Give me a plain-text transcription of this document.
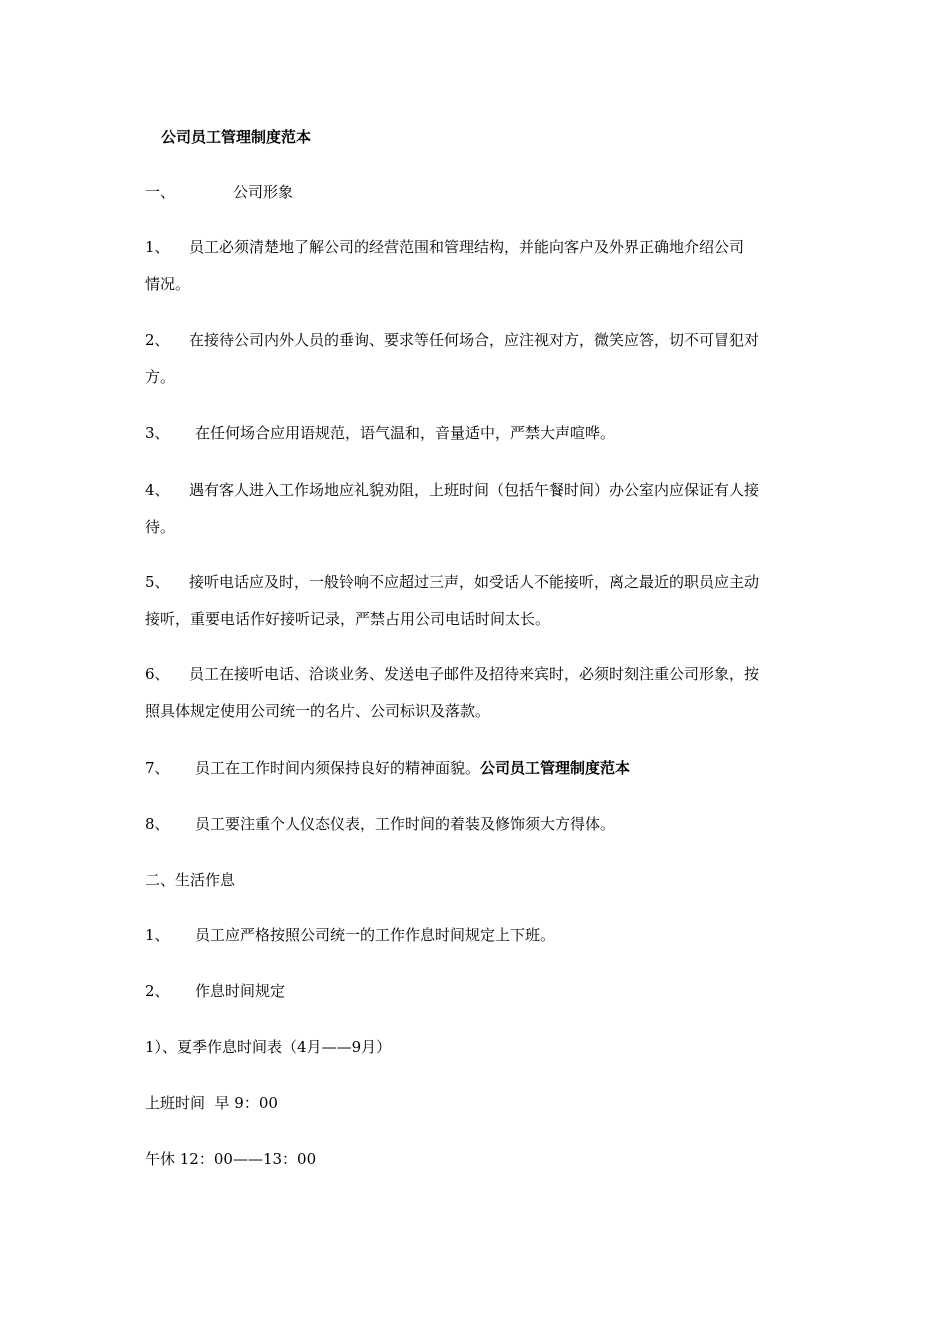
公司员工管理制度范本
一、	公司形象
1、 员工必须清楚地了解公司的经营范围和管理结构，并能向客户及外界正确地介绍公司
情况。
2、 在接待公司内外人员的垂询、要求等任何场合，应注视对方，微笑应答，切不可冒犯对
方。
3、 在任何场合应用语规范，语气温和，音量适中，严禁大声喧哗。
4、 遇有客人进入工作场地应礼貌劝阻，上班时间（包括午餐时间）办公室内应保证有人接
待。
5、 接听电话应及时，一般铃响不应超过三声，如受话人不能接听，离之最近的职员应主动
接听，重要电话作好接听记录，严禁占用公司电话时间太长。
6、 员工在接听电话、洽谈业务、发送电子邮件及招待来宾时，必须时刻注重公司形象，按
照具体规定使用公司统一的名片、公司标识及落款。
7、 员工在工作时间内须保持良好的精神面貌。公司员工管理制度范本
8、 员工要注重个人仪态仪表，工作时间的着装及修饰须大方得体。
二、生活作息
1、 员工应严格按照公司统一的工作作息时间规定上下班。
2、 作息时间规定
1）、夏季作息时间表（4月——9月）
上班时间  早 9：00
午休 12：00——13：00
